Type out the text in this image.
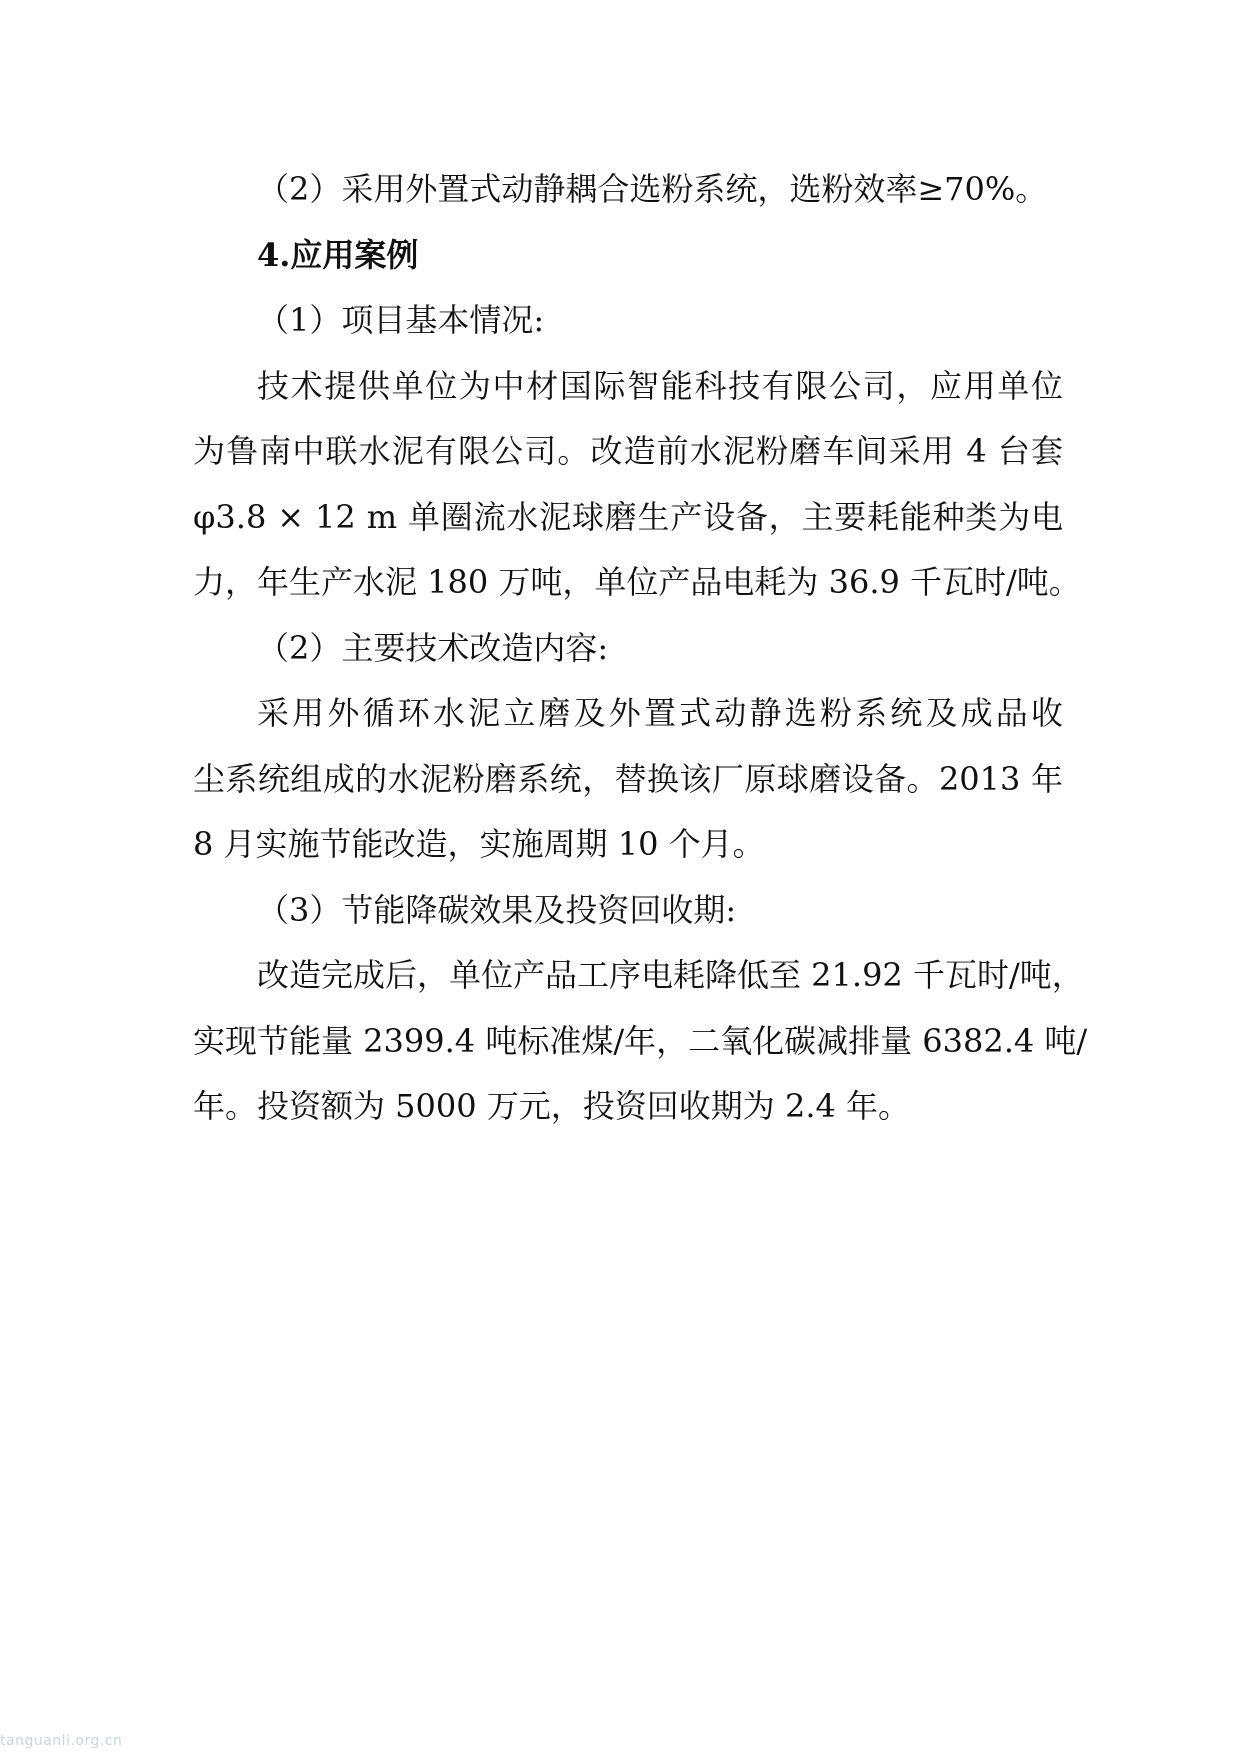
（2）采用外置式动静耦合选粉系统，选粉效率≥70%。
4.应用案例
（1）项目基本情况:
技术提供单位为中材国际智能科技有限公司，应用单位
为鲁南中联水泥有限公司。改造前水泥粉磨车间采用 4 台套
φ3.8 × 12 m 单圈流水泥球磨生产设备，主要耗能种类为电
力，年生产水泥 180 万吨，单位产品电耗为 36.9 千瓦时/吨。
（2）主要技术改造内容:
采用外循环水泥立磨及外置式动静选粉系统及成品收
尘系统组成的水泥粉磨系统，替换该厂原球磨设备。2013 年
8 月实施节能改造，实施周期 10 个月。
（3）节能降碳效果及投资回收期:
改造完成后，单位产品工序电耗降低至 21.92 千瓦时/吨，
实现节能量 2399.4 吨标准煤/年，二氧化碳减排量 6382.4 吨/
年。投资额为 5000 万元，投资回收期为 2.4 年。
tanguanli.org.cn
